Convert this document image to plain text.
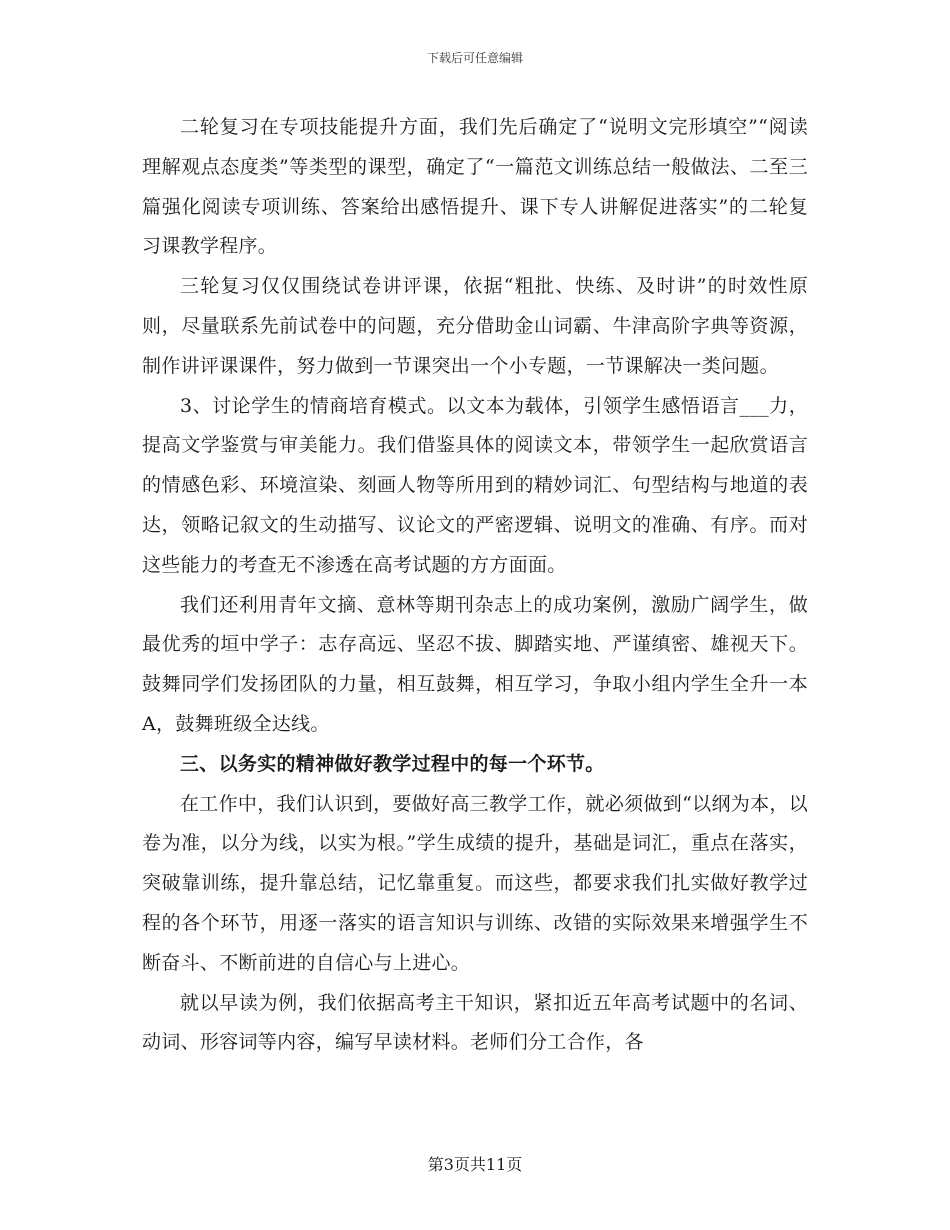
下载后可任意编辑

二轮复习在专项技能提升方面，我们先后确定了“说明文完形填空”“阅读理解观点态度类”等类型的课型，确定了“一篇范文训练总结一般做法、二至三篇强化阅读专项训练、答案给出感悟提升、课下专人讲解促进落实”的二轮复习课教学程序。

三轮复习仅仅围绕试卷讲评课，依据“粗批、快练、及时讲”的时效性原则，尽量联系先前试卷中的问题，充分借助金山词霸、牛津高阶字典等资源，制作讲评课课件，努力做到一节课突出一个小专题，一节课解决一类问题。

3、讨论学生的情商培育模式。以文本为载体，引领学生感悟语言___力，提高文学鉴赏与审美能力。我们借鉴具体的阅读文本，带领学生一起欣赏语言的情感色彩、环境渲染、刻画人物等所用到的精妙词汇、句型结构与地道的表达，领略记叙文的生动描写、议论文的严密逻辑、说明文的准确、有序。而对这些能力的考查无不渗透在高考试题的方方面面。

我们还利用青年文摘、意林等期刊杂志上的成功案例，激励广阔学生，做最优秀的垣中学子：志存高远、坚忍不拔、脚踏实地、严谨缜密、雄视天下。鼓舞同学们发扬团队的力量，相互鼓舞，相互学习，争取小组内学生全升一本A，鼓舞班级全达线。

三、以务实的精神做好教学过程中的每一个环节。

在工作中，我们认识到，要做好高三教学工作，就必须做到“以纲为本，以卷为准，以分为线，以实为根。”学生成绩的提升，基础是词汇，重点在落实，突破靠训练，提升靠总结，记忆靠重复。而这些，都要求我们扎实做好教学过程的各个环节，用逐一落实的语言知识与训练、改错的实际效果来增强学生不断奋斗、不断前进的自信心与上进心。

就以早读为例，我们依据高考主干知识，紧扣近五年高考试题中的名词、动词、形容词等内容，编写早读材料。老师们分工合作，各

第3页共11页
